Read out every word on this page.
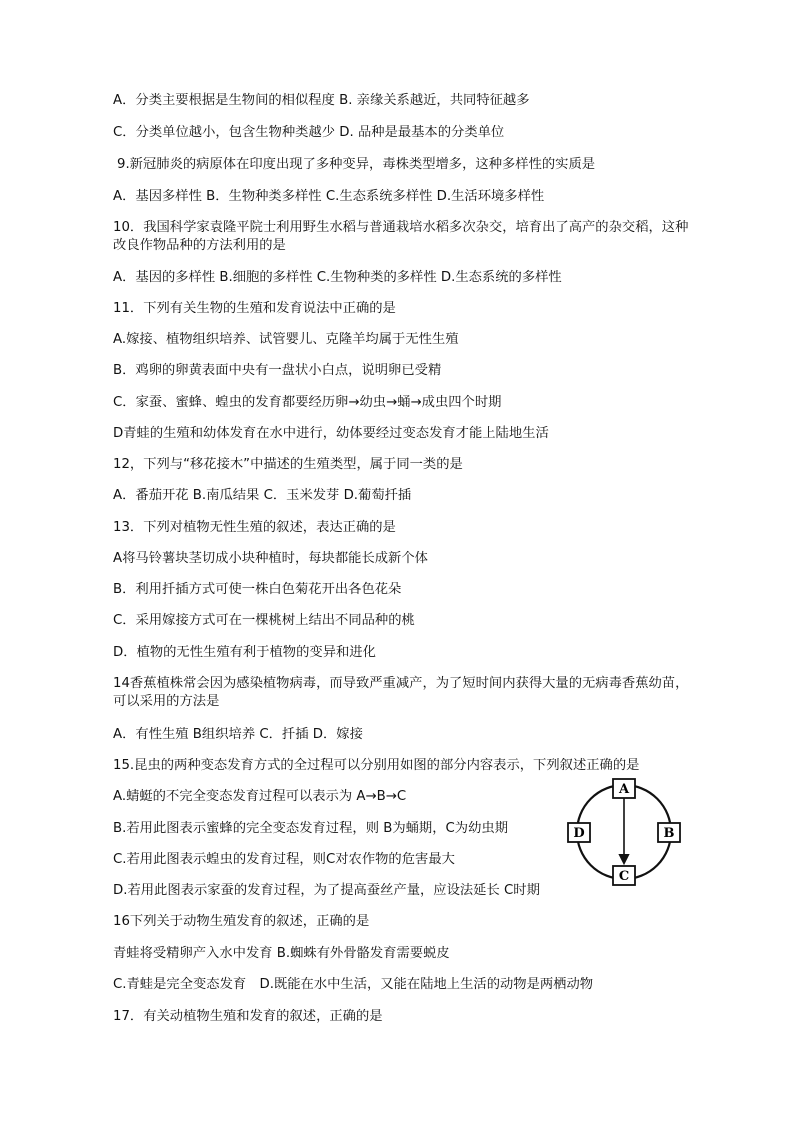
A．分类主要根据是生物间的相似程度 B. 亲缘关系越近，共同特征越多

C．分类单位越小，包含生物种类越少 D. 品种是最基本的分类单位

9.新冠肺炎的病原体在印度出现了多种变异，毒株类型增多，这种多样性的实质是

A．基因多样性 B．生物种类多样性 C.生态系统多样性 D.生活环境多样性

10．我国科学家袁隆平院士利用野生水稻与普通栽培水稻多次杂交，培育出了高产的杂交稻，这种改良作物品种的方法利用的是

A．基因的多样性 B.细胞的多样性 C.生物种类的多样性 D.生态系统的多样性

11．下列有关生物的生殖和发育说法中正确的是

A.嫁接、植物组织培养、试管婴儿、克隆羊均属于无性生殖

B．鸡卵的卵黄表面中央有一盘状小白点，说明卵已受精

C．家蚕、蜜蜂、蝗虫的发育都要经历卵→幼虫→蛹→成虫四个时期

D青蛙的生殖和幼体发育在水中进行，幼体要经过变态发育才能上陆地生活

12，下列与“移花接木”中描述的生殖类型，属于同一类的是

A．番茄开花 B.南瓜结果 C．玉米发芽 D.葡萄扦插

13．下列对植物无性生殖的叙述，表达正确的是

A将马铃薯块茎切成小块种植时，每块都能长成新个体

B．利用扦插方式可使一株白色菊花开出各色花朵

C．采用嫁接方式可在一棵桃树上结出不同品种的桃

D．植物的无性生殖有利于植物的变异和进化

14香蕉植株常会因为感染植物病毒，而导致严重减产，为了短时间内获得大量的无病毒香蕉幼苗，可以采用的方法是

A．有性生殖 B组织培养 C．扦插 D．嫁接

15.昆虫的两种变态发育方式的全过程可以分别用如图的部分内容表示，下列叙述正确的是

A.蜻蜓的不完全变态发育过程可以表示为 A→B→C

B.若用此图表示蜜蜂的完全变态发育过程，则 B为蛹期，C为幼虫期

C.若用此图表示蝗虫的发育过程，则C对农作物的危害最大

D.若用此图表示家蚕的发育过程，为了提高蚕丝产量，应设法延长 C时期

16下列关于动物生殖发育的叙述，正确的是

青蛙将受精卵产入水中发育 B.蜘蛛有外骨骼发育需要蜕皮

C.青蛙是完全变态发育　D.既能在水中生活，又能在陆地上生活的动物是两栖动物

17．有关动植物生殖和发育的叙述，正确的是

A
B
C
D
